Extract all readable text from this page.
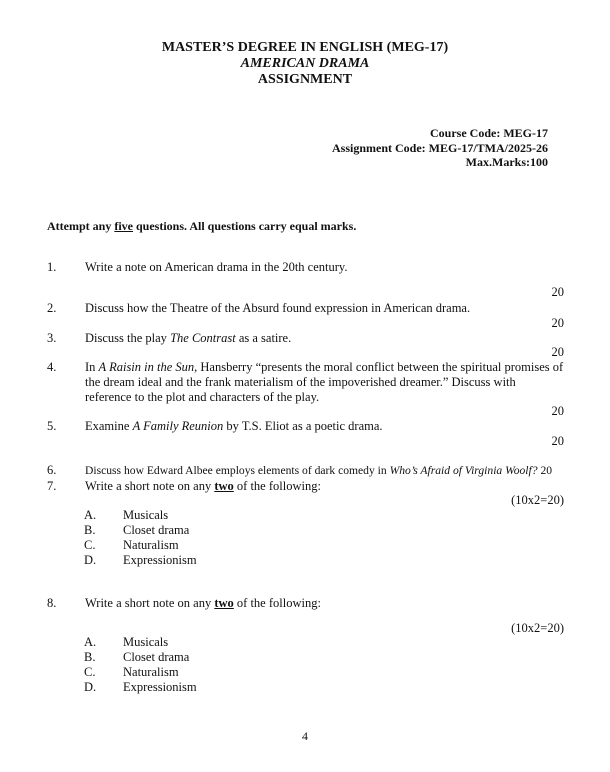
MASTER’S DEGREE IN ENGLISH (MEG-17)
AMERICAN DRAMA
ASSIGNMENT
Course Code: MEG-17
Assignment Code: MEG-17/TMA/2025-26
Max.Marks:100
Attempt any five questions. All questions carry equal marks.
1. Write a note on American drama in the 20th century.
20
2. Discuss how the Theatre of the Absurd found expression in American drama.
20
3. Discuss the play The Contrast as a satire.
20
4. In A Raisin in the Sun, Hansberry “presents the moral conflict between the spiritual promises of the dream ideal and the frank materialism of the impoverished dreamer.” Discuss with reference to the plot and characters of the play.
20
5. Examine A Family Reunion by T.S. Eliot as a poetic drama.
20
6. Discuss how Edward Albee employs elements of dark comedy in Who’s Afraid of Virginia Woolf? 20
7. Write a short note on any two of the following:
(10x2=20)
A. Musicals
B. Closet drama
C. Naturalism
D. Expressionism
8. Write a short note on any two of the following:
(10x2=20)
A. Musicals
B. Closet drama
C. Naturalism
D. Expressionism
4
